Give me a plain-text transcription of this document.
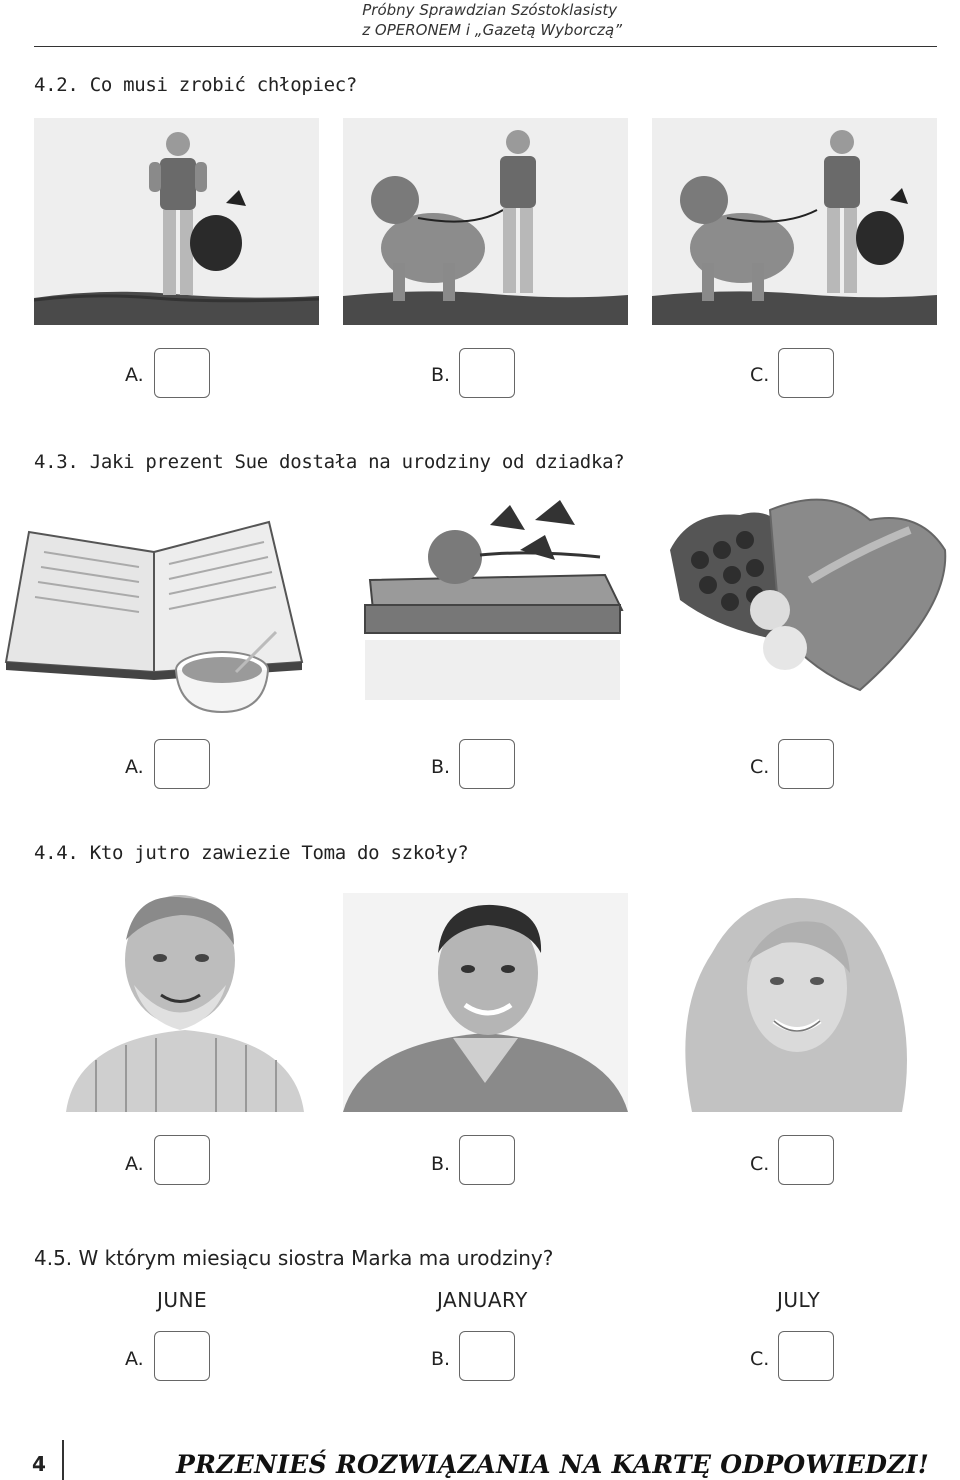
Próbny Sprawdzian Szóstoklasisty
z OPERONEM i „Gazetą Wyborczą”
4.2. Co musi zrobić chłopiec?
A.	B.	C.
4.3. Jaki prezent Sue dostała na urodziny od dziadka?
A.	B.	C.
4.4. Kto jutro zawiezie Toma do szkoły?
A.	B.	C.
4.5. W którym miesiącu siostra Marka ma urodziny?
JUNE	JANUARY	JULY
A.	B.	C.
4	PRZENIEŚ ROZWIĄZANIA NA KARTĘ ODPOWIEDZI!
